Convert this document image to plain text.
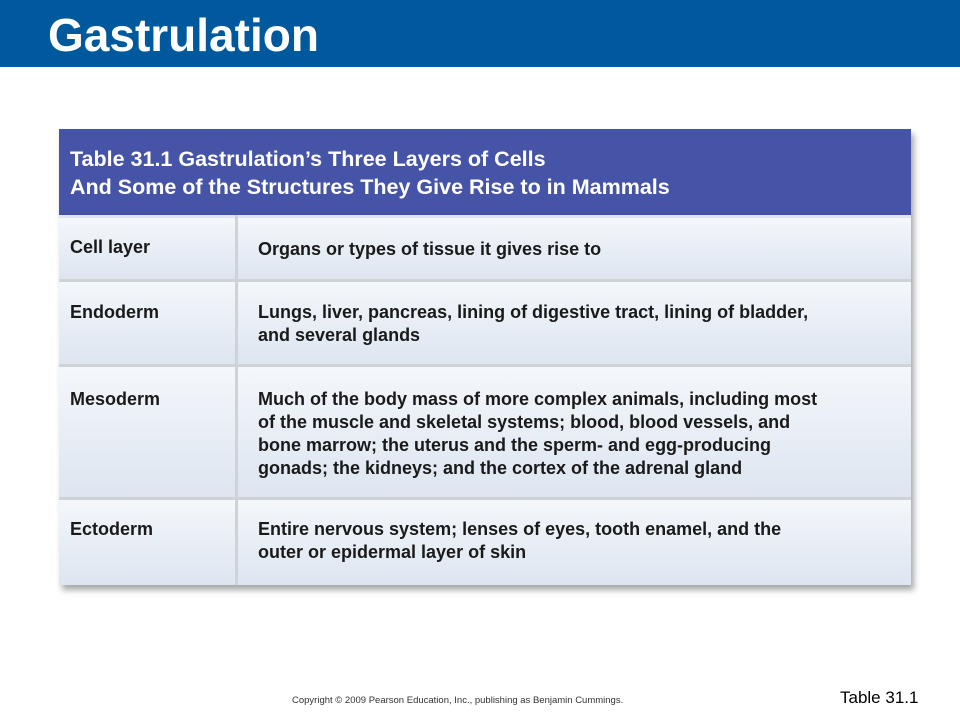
Gastrulation
Table 31.1 Gastrulation’s Three Layers of Cells
And Some of the Structures They Give Rise to in Mammals
Cell layer	Organs or types of tissue it gives rise to
Endoderm	Lungs, liver, pancreas, lining of digestive tract, lining of bladder,
and several glands
Mesoderm	Much of the body mass of more complex animals, including most
of the muscle and skeletal systems; blood, blood vessels, and
bone marrow; the uterus and the sperm- and egg-producing
gonads; the kidneys; and the cortex of the adrenal gland
Ectoderm	Entire nervous system; lenses of eyes, tooth enamel, and the
outer or epidermal layer of skin
Copyright © 2009 Pearson Education, Inc., publishing as Benjamin Cummings.	Table 31.1
